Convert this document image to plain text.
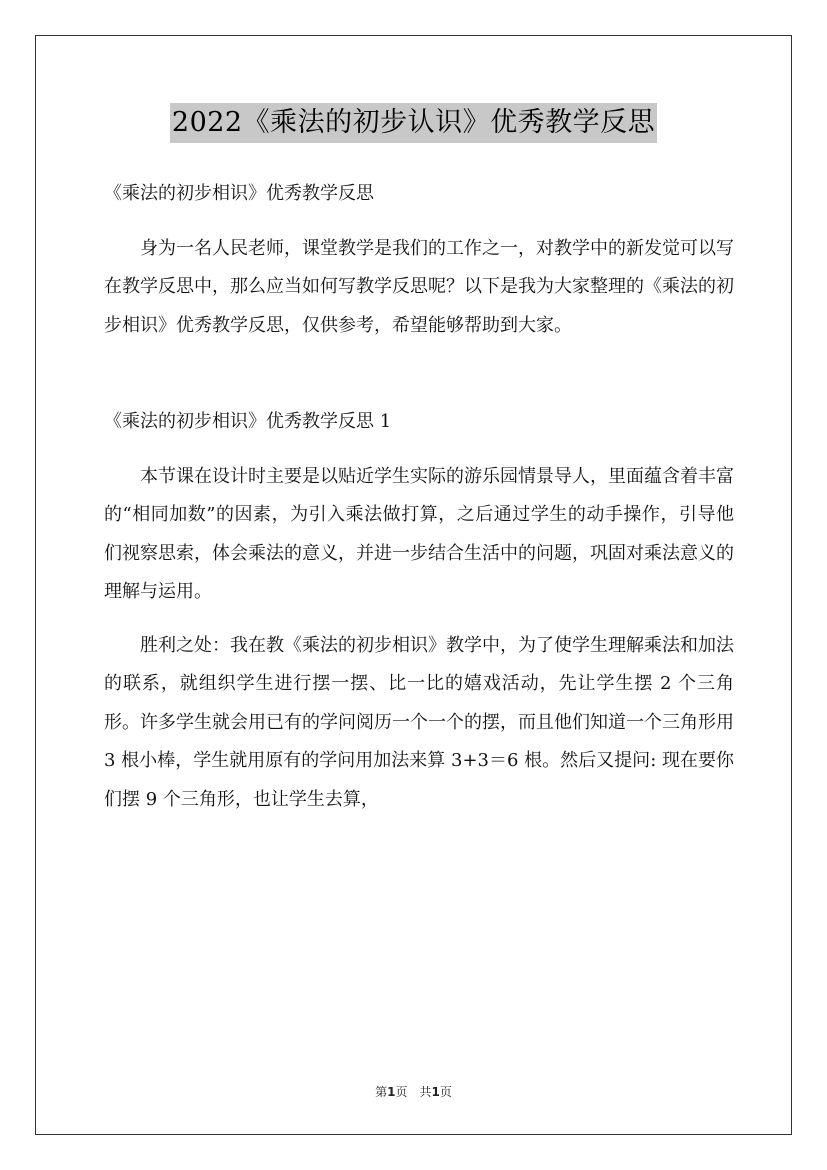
2022《乘法的初步认识》优秀教学反思

《乘法的初步相识》优秀教学反思

身为一名人民老师，课堂教学是我们的工作之一，对教学中的新发觉可以写在教学反思中，那么应当如何写教学反思呢？以下是我为大家整理的《乘法的初步相识》优秀教学反思，仅供参考，希望能够帮助到大家。

《乘法的初步相识》优秀教学反思 1

本节课在设计时主要是以贴近学生实际的游乐园情景导人，里面蕴含着丰富的“相同加数”的因素，为引入乘法做打算，之后通过学生的动手操作，引导他们视察思索，体会乘法的意义，并进一步结合生活中的问题，巩固对乘法意义的理解与运用。

胜利之处：我在教《乘法的初步相识》教学中，为了使学生理解乘法和加法的联系，就组织学生进行摆一摆、比一比的嬉戏活动，先让学生摆 2 个三角形。许多学生就会用已有的学问阅历一个一个的摆，而且他们知道一个三角形用 3 根小棒，学生就用原有的学问用加法来算 3+3＝6 根。然后又提问: 现在要你们摆 9 个三角形，也让学生去算，

第1页　共1页
